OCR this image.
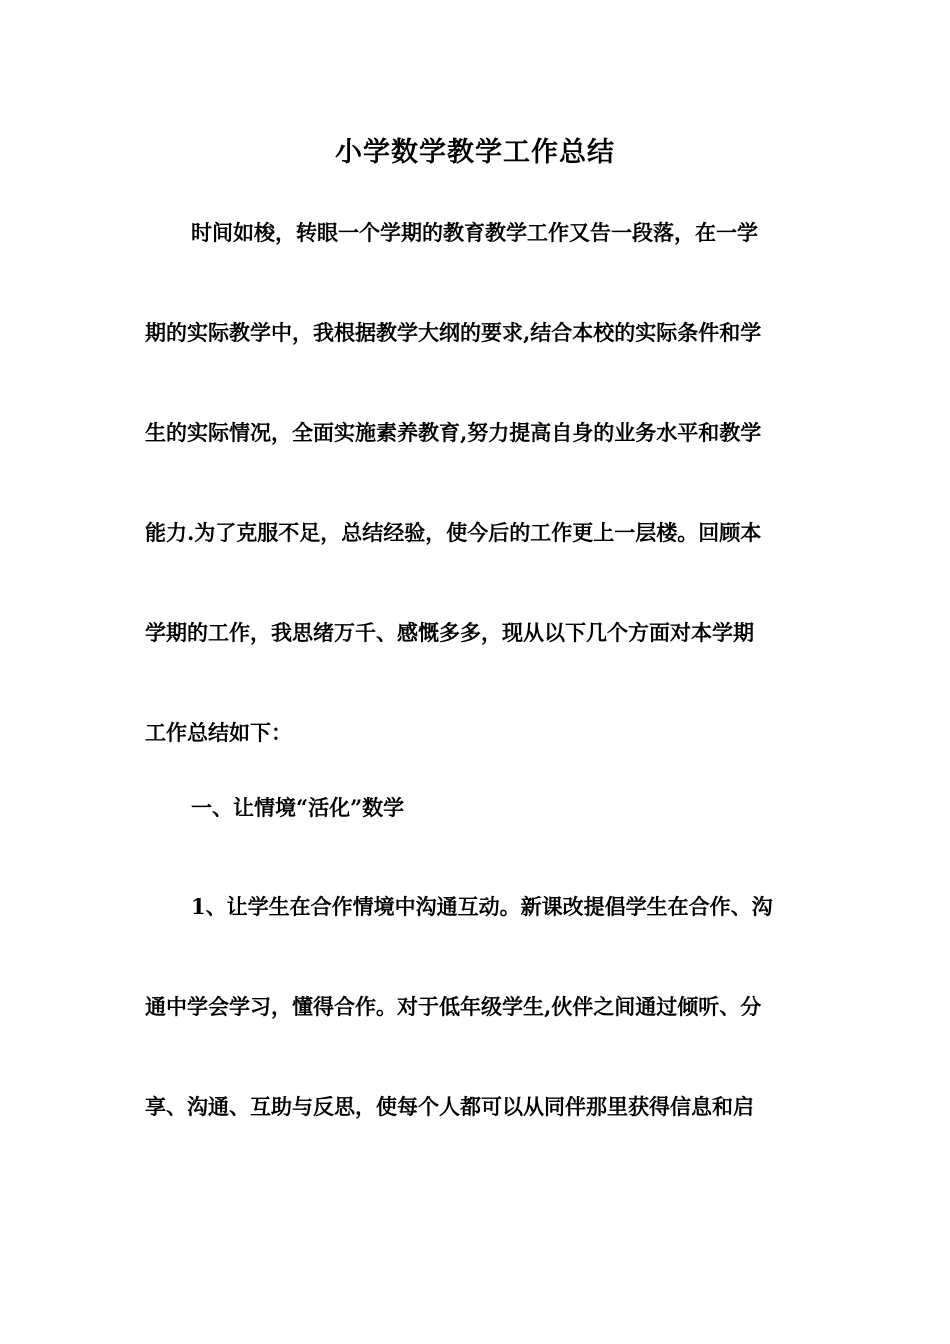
小学数学教学工作总结
时间如梭，转眼一个学期的教育教学工作又告一段落，在一学
期的实际教学中，我根据教学大纲的要求,结合本校的实际条件和学
生的实际情况，全面实施素养教育,努力提高自身的业务水平和教学
能力.为了克服不足，总结经验，使今后的工作更上一层楼。回顾本
学期的工作，我思绪万千、感慨多多，现从以下几个方面对本学期
工作总结如下：
一、让情境“活化”数学
1、让学生在合作情境中沟通互动。新课改提倡学生在合作、沟
通中学会学习，懂得合作。对于低年级学生,伙伴之间通过倾听、分
享、沟通、互助与反思，使每个人都可以从同伴那里获得信息和启
